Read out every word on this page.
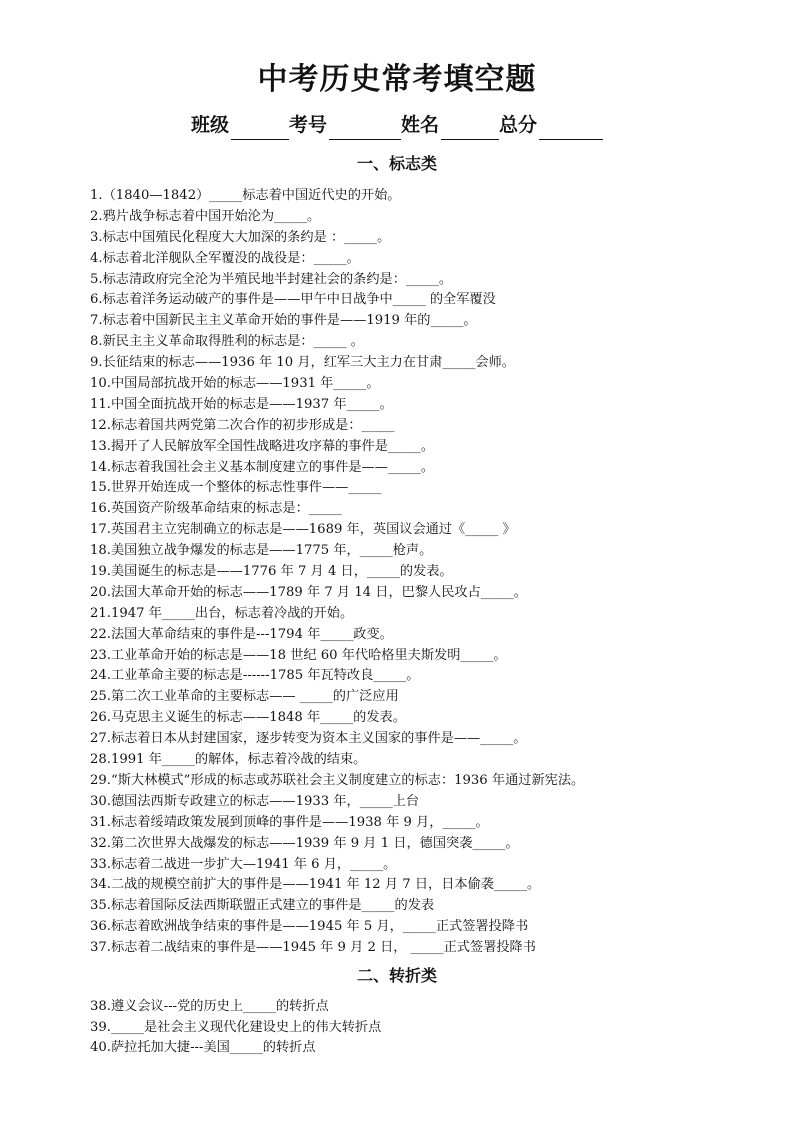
中考历史常考填空题
班级	考号	姓名	总分
一、标志类
1.（1840—1842）_____标志着中国近代史的开始。
2.鸦片战争标志着中国开始沦为_____。
3.标志中国殖民化程度大大加深的条约是 ：_____。
4.标志着北洋舰队全军覆没的战役是：_____。
5.标志清政府完全沦为半殖民地半封建社会的条约是：_____。
6.标志着洋务运动破产的事件是——甲午中日战争中_____ 的全军覆没
7.标志着中国新民主主义革命开始的事件是——1919 年的_____。
8.新民主主义革命取得胜利的标志是：_____ 。
9.长征结束的标志——1936 年 10 月，红军三大主力在甘肃_____会师。
10.中国局部抗战开始的标志——1931 年_____。
11.中国全面抗战开始的标志是——1937 年_____。
12.标志着国共两党第二次合作的初步形成是：_____
13.揭开了人民解放军全国性战略进攻序幕的事件是_____。
14.标志着我国社会主义基本制度建立的事件是——_____。
15.世界开始连成一个整体的标志性事件——_____
16.英国资产阶级革命结束的标志是：_____
17.英国君主立宪制确立的标志是——1689 年，英国议会通过《_____ 》
18.美国独立战争爆发的标志是——1775 年，_____枪声。
19.美国诞生的标志是——1776 年 7 月 4 日，_____的发表。
20.法国大革命开始的标志——1789 年 7 月 14 日，巴黎人民攻占_____。
21.1947 年_____出台，标志着冷战的开始。
22.法国大革命结束的事件是---1794 年_____政变。
23.工业革命开始的标志是——18 世纪 60 年代哈格里夫斯发明_____。
24.工业革命主要的标志是------1785 年瓦特改良_____。
25.第二次工业革命的主要标志—— _____的广泛应用
26.马克思主义诞生的标志——1848 年_____的发表。
27.标志着日本从封建国家，逐步转变为资本主义国家的事件是——_____。
28.1991 年_____的解体，标志着冷战的结束。
29.“斯大林模式”形成的标志或苏联社会主义制度建立的标志：1936 年通过新宪法。
30.德国法西斯专政建立的标志——1933 年，_____上台
31.标志着绥靖政策发展到顶峰的事件是——1938 年 9 月，_____。
32.第二次世界大战爆发的标志——1939 年 9 月 1 日，德国突袭_____。
33.标志着二战进一步扩大—1941 年 6 月，_____。
34.二战的规模空前扩大的事件是——1941 年 12 月 7 日，日本偷袭_____。
35.标志着国际反法西斯联盟正式建立的事件是_____的发表
36.标志着欧洲战争结束的事件是——1945 年 5 月，_____正式签署投降书
37.标志着二战结束的事件是——1945 年 9 月 2 日， _____正式签署投降书
二、转折类
38.遵义会议---党的历史上_____的转折点
39._____是社会主义现代化建设史上的伟大转折点
40.萨拉托加大捷---美国_____的转折点
